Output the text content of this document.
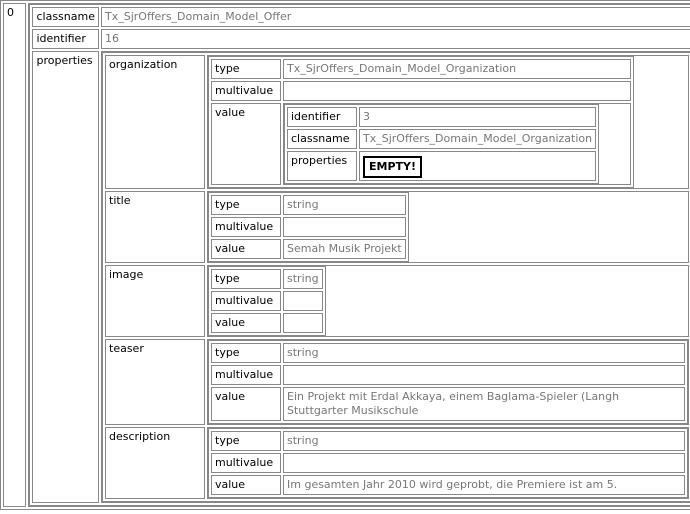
0	classname	Tx_SjrOffers_Domain_Model_Offer
identifier	16
properties	organization		type	Tx_SjrOffers_Domain_Model_Organization
multivalue	
value		identifier	3
classname	Tx_SjrOffers_Domain_Model_Organization
properties	EMPTY!

title		type	string
multivalue	
value	Semah Musik Projekt

image		type	string
multivalue	
value	

teaser		type	string
multivalue	
value	Ein Projekt mit Erdal Akkaya, einem Baglama-Spieler (Langh
Stuttgarter Musikschule

description		type	string
multivalue	
value	Im gesamten Jahr 2010 wird geprobt, die Premiere ist am 5.
